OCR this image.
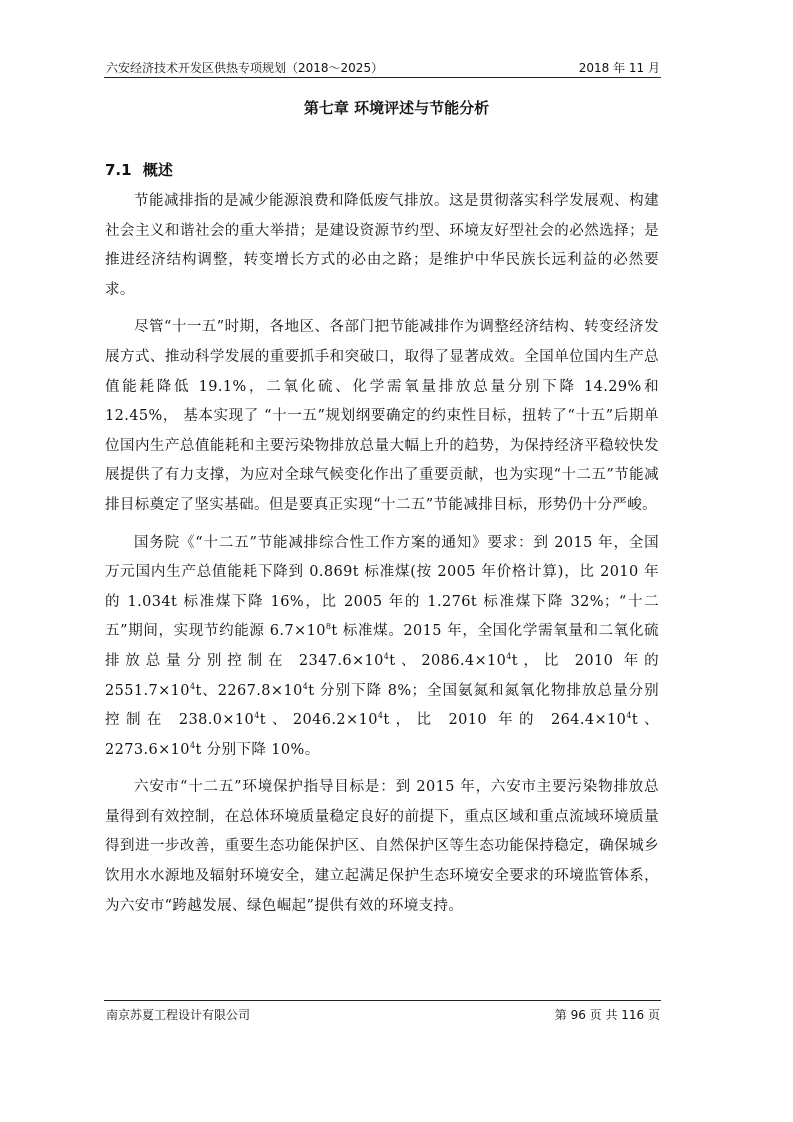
六安经济技术开发区供热专项规划（2018～2025）	2018 年 11 月
第七章 环境评述与节能分析
7.1 概述

节能减排指的是减少能源浪费和降低废气排放。这是贯彻落实科学发展观、构建社会主义和谐社会的重大举措；是建设资源节约型、环境友好型社会的必然选择；是推进经济结构调整，转变增长方式的必由之路；是维护中华民族长远利益的必然要求。

尽管“十一五”时期，各地区、各部门把节能减排作为调整经济结构、转变经济发展方式、推动科学发展的重要抓手和突破口，取得了显著成效。全国单位国内生产总值能耗降低 19.1%，二氧化硫、化学需氧量排放总量分别下降 14.29%和 12.45%， 基本实现了 “十一五”规划纲要确定的约束性目标，扭转了“十五”后期单位国内生产总值能耗和主要污染物排放总量大幅上升的趋势，为保持经济平稳较快发展提供了有力支撑，为应对全球气候变化作出了重要贡献，也为实现“十二五”节能减排目标奠定了坚实基础。但是要真正实现“十二五”节能减排目标，形势仍十分严峻。

国务院《“十二五”节能减排综合性工作方案的通知》要求：到 2015 年，全国万元国内生产总值能耗下降到 0.869t 标准煤(按 2005 年价格计算)，比 2010 年的 1.034t 标准煤下降 16%，比 2005 年的 1.276t 标准煤下降 32%；“十二五”期间，实现节约能源 $6.7\times 10^8t$ 标准煤。2015 年，全国化学需氧量和二氧化硫排放总量分别控制在 $2347.6\times 10^4t$、$2086.4\times 10^4t$，比 2010 年的 $2551.7\times 10^4t$、$2267.8\times 10^4t$ 分别下降 8%；全国氨氮和氮氧化物排放总量分别控制在 $238.0\times 10^4t$、$2046.2\times 10^4t$，比 2010 年的 $264.4\times 10^4t$、$2273.6\times 10^4t$ 分别下降 10%。

六安市“十二五”环境保护指导目标是：到 2015 年，六安市主要污染物排放总量得到有效控制，在总体环境质量稳定良好的前提下，重点区域和重点流域环境质量得到进一步改善，重要生态功能保护区、自然保护区等生态功能保持稳定，确保城乡饮用水水源地及辐射环境安全，建立起满足保护生态环境安全要求的环境监管体系，为六安市“跨越发展、绿色崛起”提供有效的环境支持。

南京苏夏工程设计有限公司	第 96 页 共 116 页
